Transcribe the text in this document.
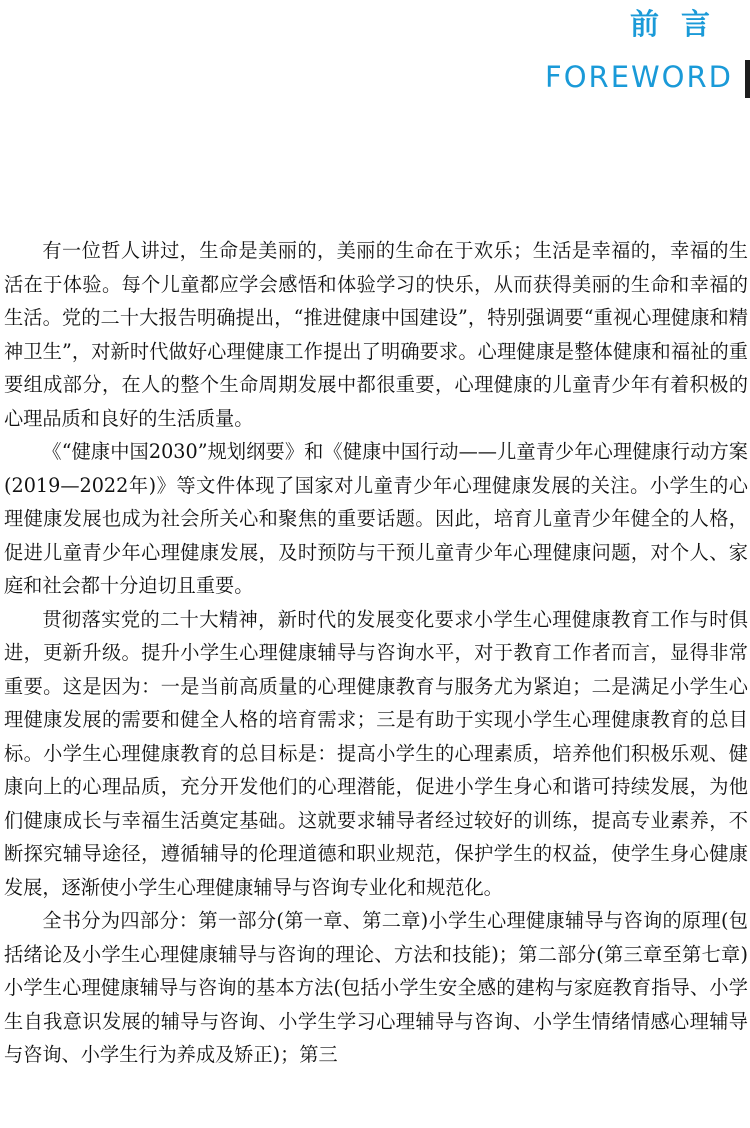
前言
FOREWORD

有一位哲人讲过，生命是美丽的，美丽的生命在于欢乐；生活是幸福的，幸福的生活在于体验。每个儿童都应学会感悟和体验学习的快乐，从而获得美丽的生命和幸福的生活。党的二十大报告明确提出，“推进健康中国建设”，特别强调要“重视心理健康和精神卫生”，对新时代做好心理健康工作提出了明确要求。心理健康是整体健康和福祉的重要组成部分，在人的整个生命周期发展中都很重要，心理健康的儿童青少年有着积极的心理品质和良好的生活质量。

《“健康中国2030”规划纲要》和《健康中国行动——儿童青少年心理健康行动方案(2019—2022年)》等文件体现了国家对儿童青少年心理健康发展的关注。小学生的心理健康发展也成为社会所关心和聚焦的重要话题。因此，培育儿童青少年健全的人格，促进儿童青少年心理健康发展，及时预防与干预儿童青少年心理健康问题，对个人、家庭和社会都十分迫切且重要。

贯彻落实党的二十大精神，新时代的发展变化要求小学生心理健康教育工作与时俱进，更新升级。提升小学生心理健康辅导与咨询水平，对于教育工作者而言，显得非常重要。这是因为：一是当前高质量的心理健康教育与服务尤为紧迫；二是满足小学生心理健康发展的需要和健全人格的培育需求；三是有助于实现小学生心理健康教育的总目标。小学生心理健康教育的总目标是：提高小学生的心理素质，培养他们积极乐观、健康向上的心理品质，充分开发他们的心理潜能，促进小学生身心和谐可持续发展，为他们健康成长与幸福生活奠定基础。这就要求辅导者经过较好的训练，提高专业素养，不断探究辅导途径，遵循辅导的伦理道德和职业规范，保护学生的权益，使学生身心健康发展，逐渐使小学生心理健康辅导与咨询专业化和规范化。

全书分为四部分：第一部分(第一章、第二章)小学生心理健康辅导与咨询的原理(包括绪论及小学生心理健康辅导与咨询的理论、方法和技能)；第二部分(第三章至第七章)小学生心理健康辅导与咨询的基本方法(包括小学生安全感的建构与家庭教育指导、小学生自我意识发展的辅导与咨询、小学生学习心理辅导与咨询、小学生情绪情感心理辅导与咨询、小学生行为养成及矫正)；第三
